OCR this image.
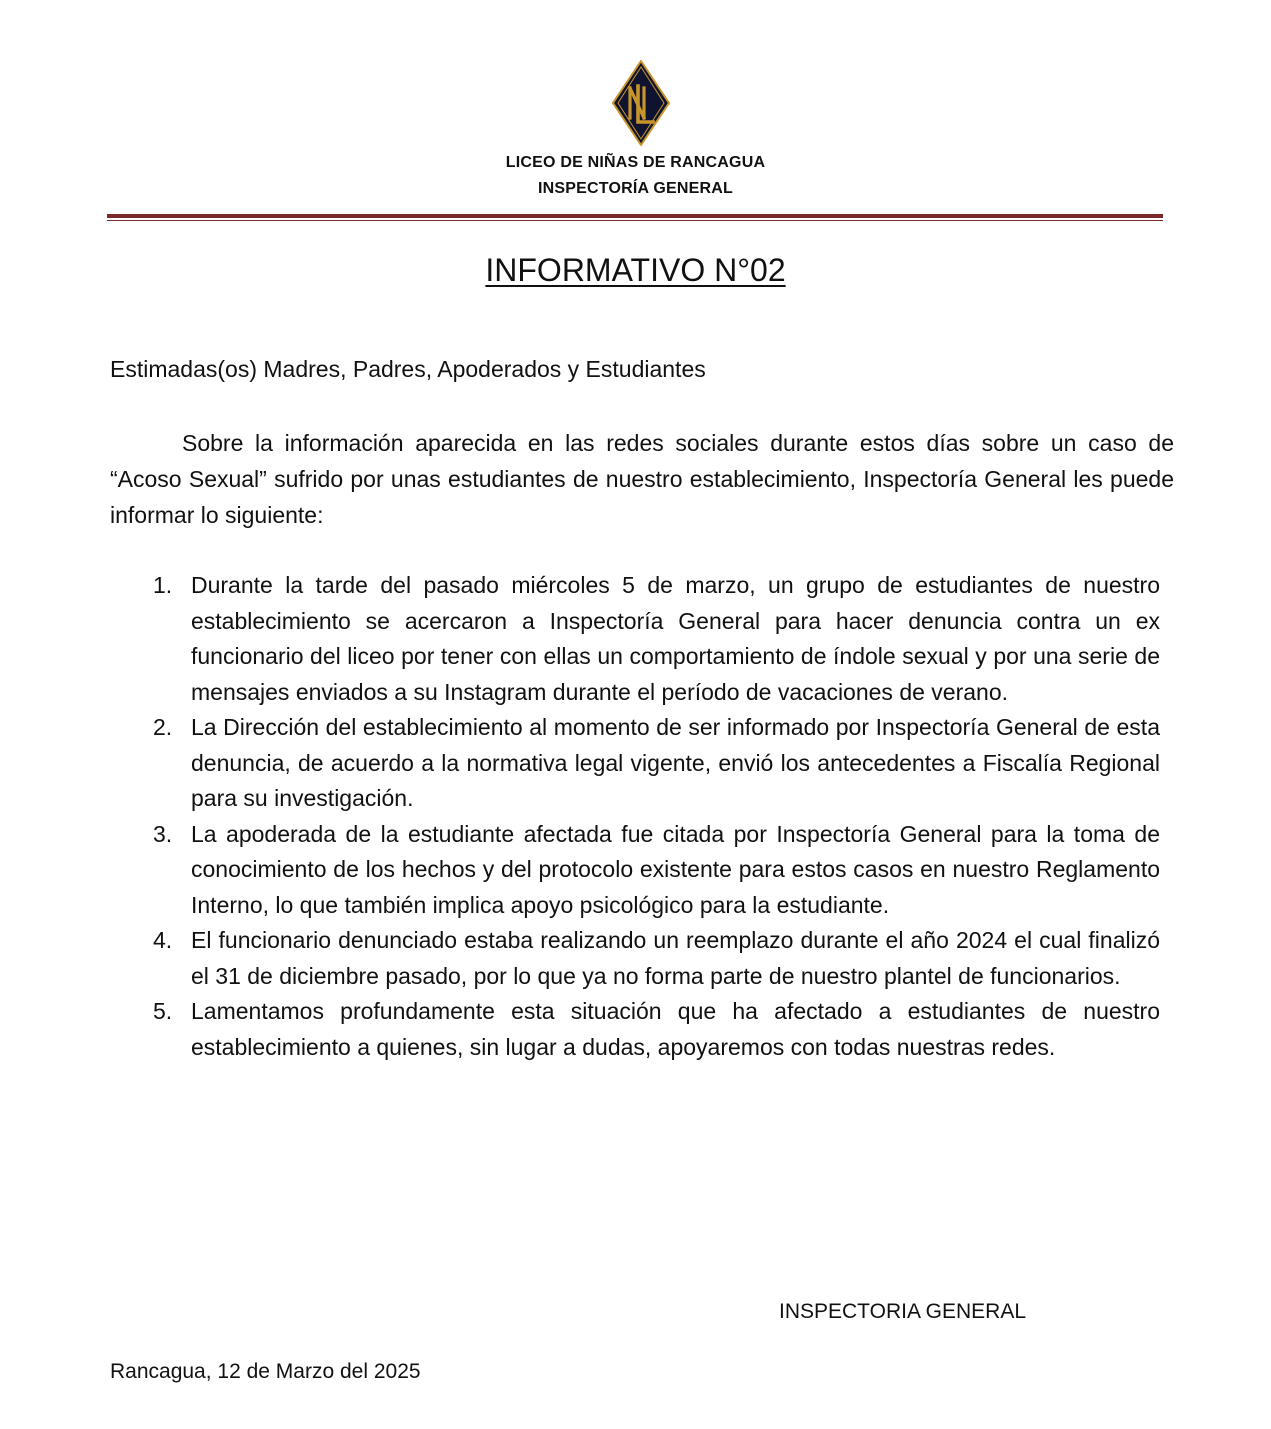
LICEO DE NIÑAS DE RANCAGUA
INSPECTORÍA GENERAL
INFORMATIVO N°02
Estimadas(os) Madres, Padres, Apoderados y Estudiantes

Sobre la información aparecida en las redes sociales durante estos días sobre un caso de “Acoso Sexual” sufrido por unas estudiantes de nuestro establecimiento, Inspectoría General les puede informar lo siguiente:

1. Durante la tarde del pasado miércoles 5 de marzo, un grupo de estudiantes de nuestro establecimiento se acercaron a Inspectoría General para hacer denuncia contra un ex funcionario del liceo por tener con ellas un comportamiento de índole sexual y por una serie de mensajes enviados a su Instagram durante el período de vacaciones de verano.
2. La Dirección del establecimiento al momento de ser informado por Inspectoría General de esta denuncia, de acuerdo a la normativa legal vigente, envió los antecedentes a Fiscalía Regional para su investigación.
3. La apoderada de la estudiante afectada fue citada por Inspectoría General para la toma de conocimiento de los hechos y del protocolo existente para estos casos en nuestro Reglamento Interno, lo que también implica apoyo psicológico para la estudiante.
4. El funcionario denunciado estaba realizando un reemplazo durante el año 2024 el cual finalizó el 31 de diciembre pasado, por lo que ya no forma parte de nuestro plantel de funcionarios.
5. Lamentamos profundamente esta situación que ha afectado a estudiantes de nuestro establecimiento a quienes, sin lugar a dudas, apoyaremos con todas nuestras redes.
INSPECTORIA GENERAL
Rancagua, 12 de Marzo del 2025
